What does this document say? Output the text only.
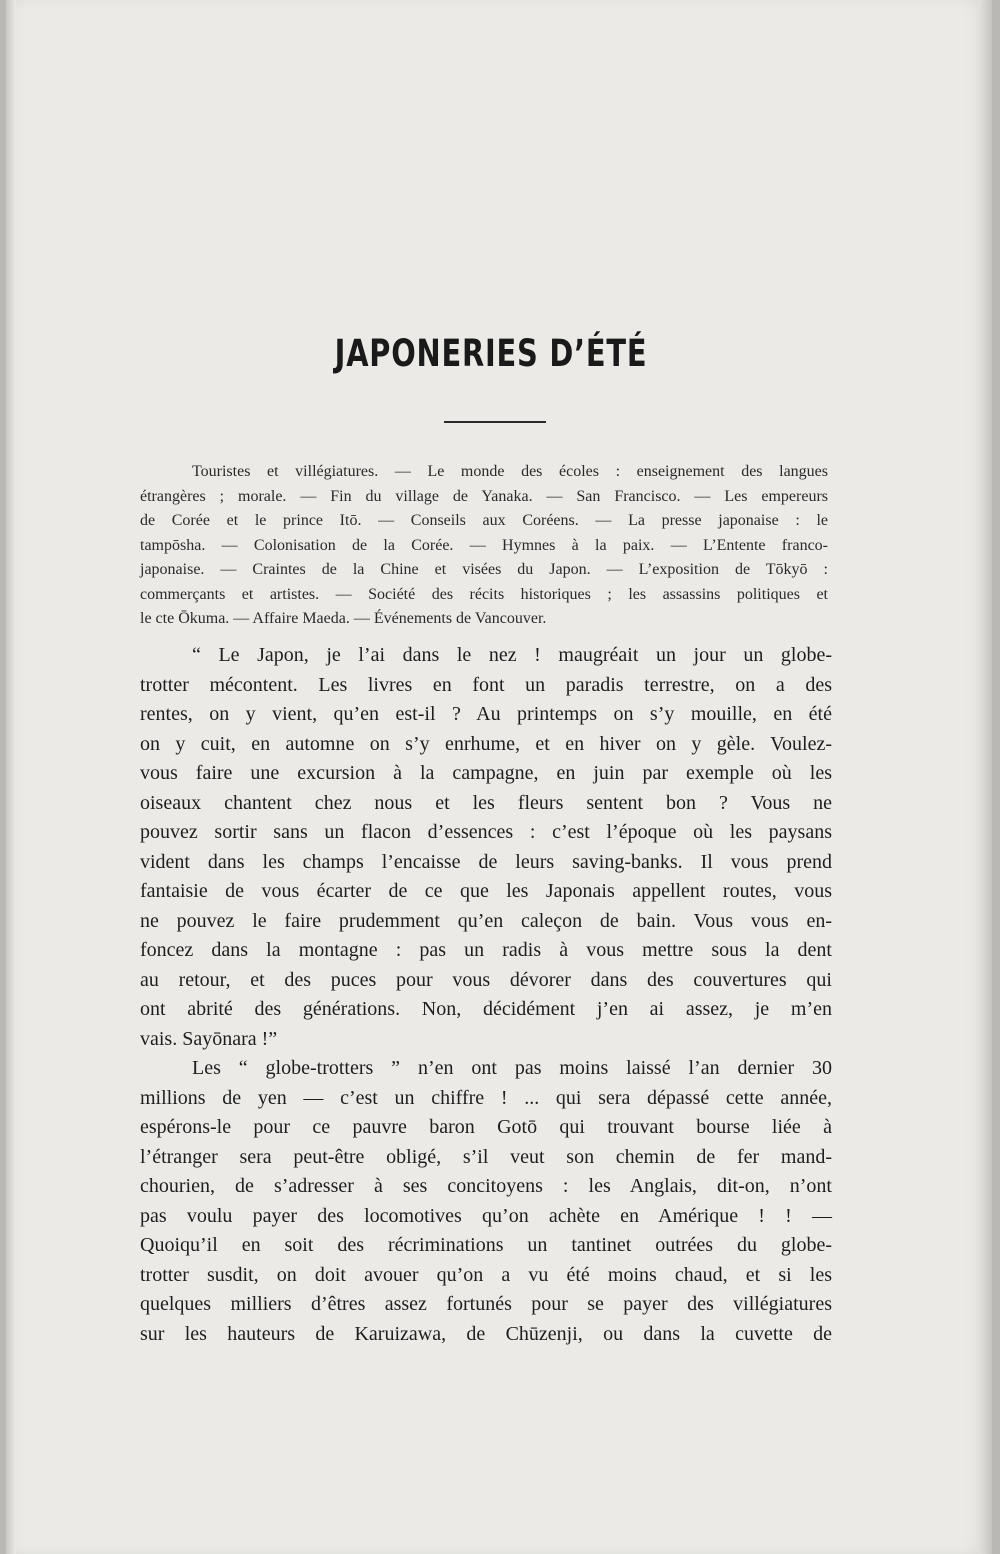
JAPONERIES D’ÉTÉ
Touristes et villégiatures. — Le monde des écoles : enseignement des langues
étrangères ; morale. — Fin du village de Yanaka. — San Francisco. — Les empereurs
de Corée et le prince Itō. — Conseils aux Coréens. — La presse japonaise : le
tampōsha. — Colonisation de la Corée. — Hymnes à la paix. — L’Entente franco-
japonaise. — Craintes de la Chine et visées du Japon. — L’exposition de Tōkyō :
commerçants et artistes. — Société des récits historiques ; les assassins politiques et
le cte Ōkuma. — Affaire Maeda. — Événements de Vancouver.
“ Le Japon, je l’ai dans le nez ! maugréait un jour un globe-
trotter mécontent. Les livres en font un paradis terrestre, on a des
rentes, on y vient, qu’en est-il ? Au printemps on s’y mouille, en été
on y cuit, en automne on s’y enrhume, et en hiver on y gèle. Voulez-
vous faire une excursion à la campagne, en juin par exemple où les
oiseaux chantent chez nous et les fleurs sentent bon ? Vous ne
pouvez sortir sans un flacon d’essences : c’est l’époque où les paysans
vident dans les champs l’encaisse de leurs saving-banks. Il vous prend
fantaisie de vous écarter de ce que les Japonais appellent routes, vous
ne pouvez le faire prudemment qu’en caleçon de bain. Vous vous en-
foncez dans la montagne : pas un radis à vous mettre sous la dent
au retour, et des puces pour vous dévorer dans des couvertures qui
ont abrité des générations. Non, décidément j’en ai assez, je m’en
vais. Sayōnara !”
Les “ globe-trotters ” n’en ont pas moins laissé l’an dernier 30
millions de yen — c’est un chiffre ! ... qui sera dépassé cette année,
espérons-le pour ce pauvre baron Gotō qui trouvant bourse liée à
l’étranger sera peut-être obligé, s’il veut son chemin de fer mand-
chourien, de s’adresser à ses concitoyens : les Anglais, dit-on, n’ont
pas voulu payer des locomotives qu’on achète en Amérique ! ! —
Quoiqu’il en soit des récriminations un tantinet outrées du globe-
trotter susdit, on doit avouer qu’on a vu été moins chaud, et si les
quelques milliers d’êtres assez fortunés pour se payer des villégiatures
sur les hauteurs de Karuizawa, de Chūzenji, ou dans la cuvette de
